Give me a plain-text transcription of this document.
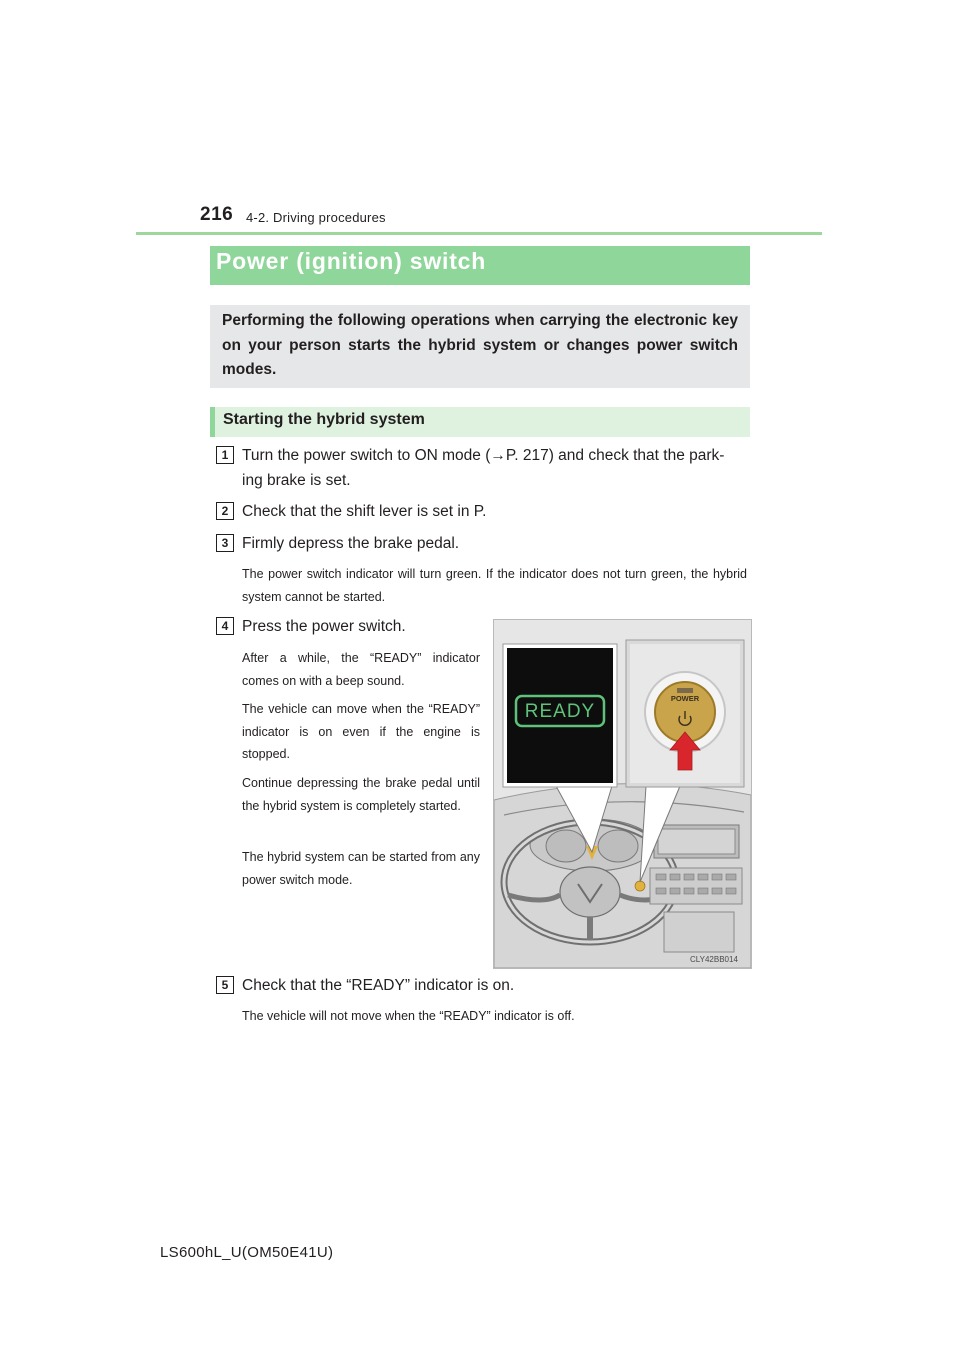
216 4-2. Driving procedures
Power (ignition) switch
Performing the following operations when carrying the electronic key on your person starts the hybrid system or changes power switch modes.
Starting the hybrid system
1 Turn the power switch to ON mode (→P. 217) and check that the park-
ing brake is set.
2 Check that the shift lever is set in P.
3 Firmly depress the brake pedal.
The power switch indicator will turn green. If the indicator does not turn green, the hybrid system cannot be started.
4 Press the power switch.
After a while, the “READY” indicator comes on with a beep sound.
The vehicle can move when the “READY” indicator is on even if the engine is stopped.
Continue depressing the brake pedal until the hybrid system is completely started.
The hybrid system can be started from any power switch mode.
READY
POWER
CLY42BB014
5 Check that the “READY” indicator is on.
The vehicle will not move when the “READY” indicator is off.
LS600hL_U(OM50E41U)
